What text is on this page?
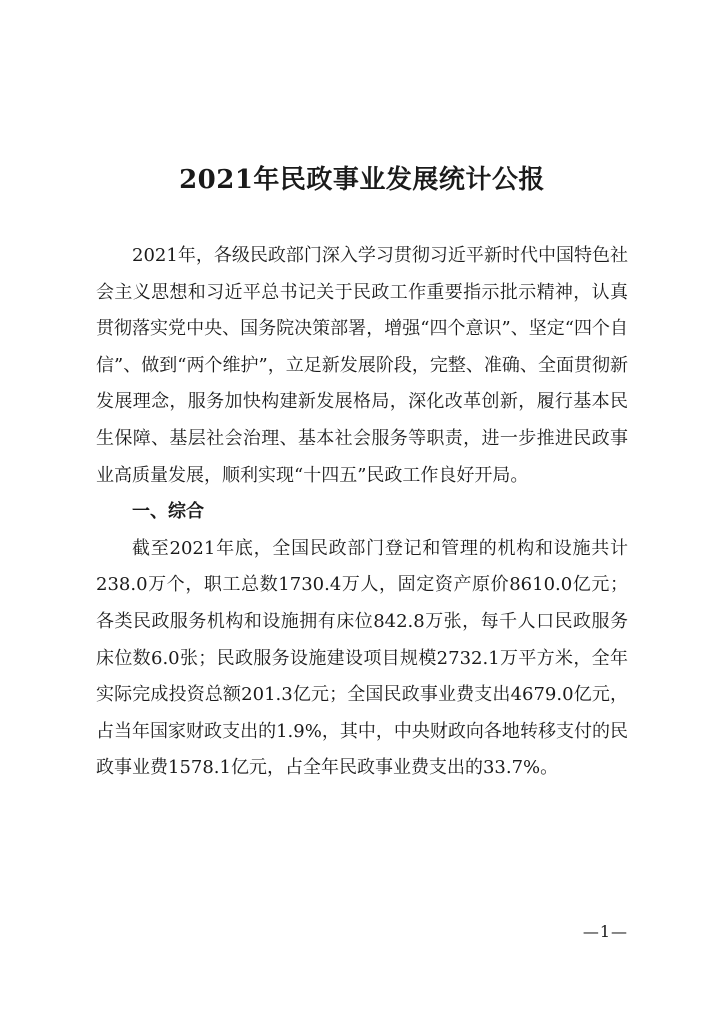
2021年民政事业发展统计公报

2021年，各级民政部门深入学习贯彻习近平新时代中国特色社会主义思想和习近平总书记关于民政工作重要指示批示精神，认真贯彻落实党中央、国务院决策部署，增强“四个意识”、坚定“四个自信”、做到“两个维护”，立足新发展阶段，完整、准确、全面贯彻新发展理念，服务加快构建新发展格局，深化改革创新，履行基本民生保障、基层社会治理、基本社会服务等职责，进一步推进民政事业高质量发展，顺利实现“十四五”民政工作良好开局。

一、综合

截至2021年底，全国民政部门登记和管理的机构和设施共计238.0万个，职工总数1730.4万人，固定资产原价8610.0亿元；各类民政服务机构和设施拥有床位842.8万张，每千人口民政服务床位数6.0张；民政服务设施建设项目规模2732.1万平方米，全年实际完成投资总额201.3亿元；全国民政事业费支出4679.0亿元，占当年国家财政支出的1.9%，其中，中央财政向各地转移支付的民政事业费1578.1亿元，占全年民政事业费支出的33.7%。

—1—
